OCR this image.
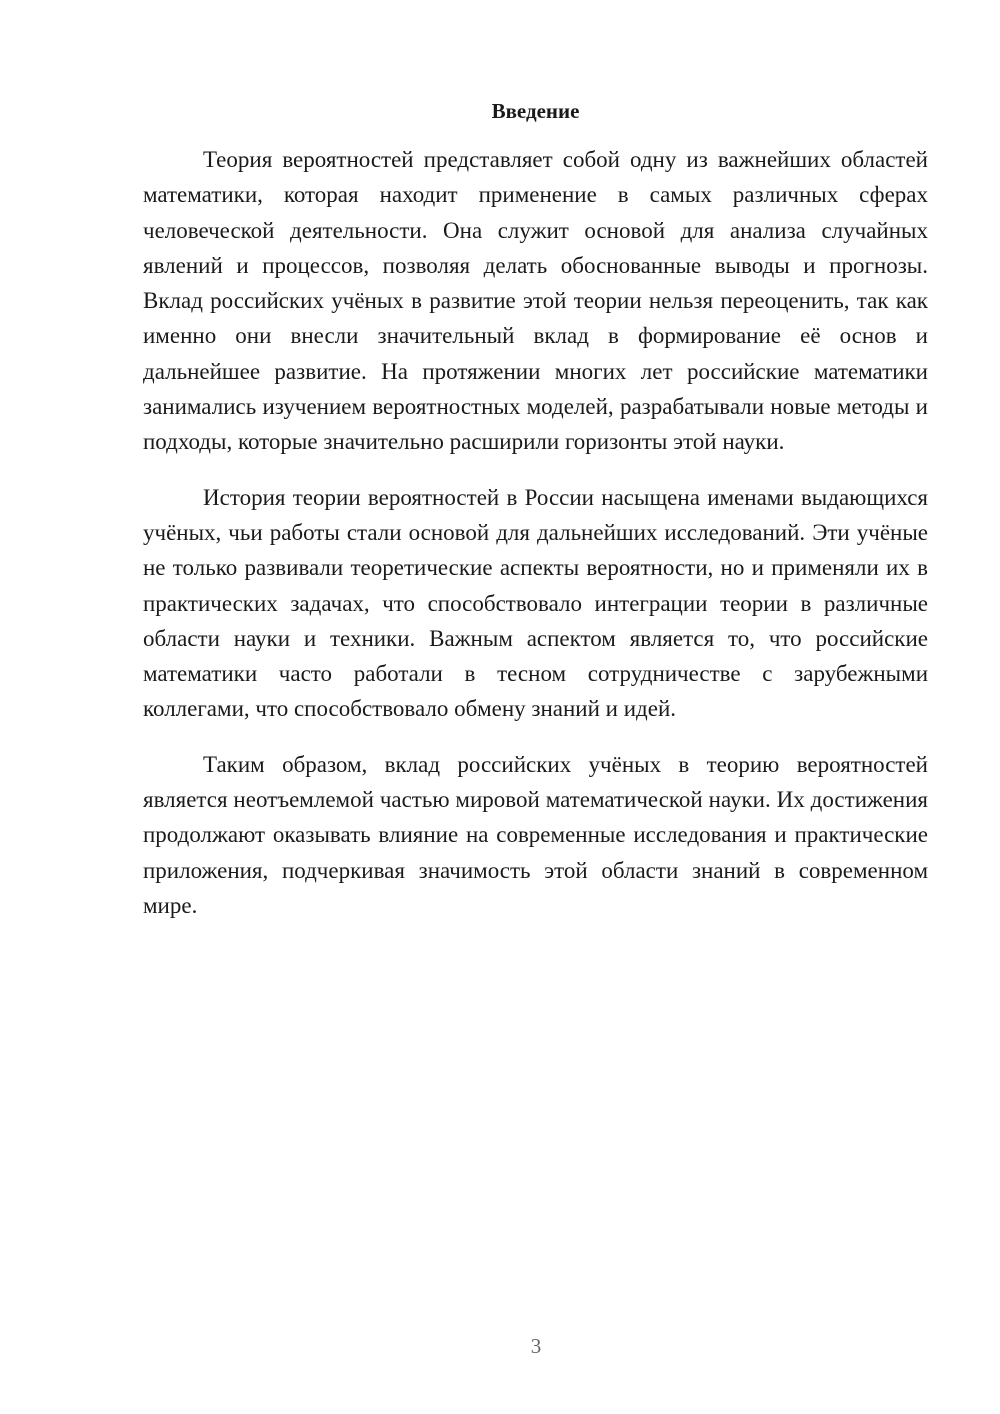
Введение

Теория вероятностей представляет собой одну из важнейших областей математики, которая находит применение в самых различных сферах человеческой деятельности. Она служит основой для анализа случайных явлений и процессов, позволяя делать обоснованные выводы и прогнозы. Вклад российских учёных в развитие этой теории нельзя переоценить, так как именно они внесли значительный вклад в формирование её основ и дальнейшее развитие. На протяжении многих лет российские математики занимались изучением вероятностных моделей, разрабатывали новые методы и подходы, которые значительно расширили горизонты этой науки.

История теории вероятностей в России насыщена именами выдающихся учёных, чьи работы стали основой для дальнейших исследований. Эти учёные не только развивали теоретические аспекты вероятности, но и применяли их в практических задачах, что способствовало интеграции теории в различные области науки и техники. Важным аспектом является то, что российские математики часто работали в тесном сотрудничестве с зарубежными коллегами, что способствовало обмену знаний и идей.

Таким образом, вклад российских учёных в теорию вероятностей является неотъемлемой частью мировой математической науки. Их достижения продолжают оказывать влияние на современные исследования и практические приложения, подчеркивая значимость этой области знаний в современном мире.

3
